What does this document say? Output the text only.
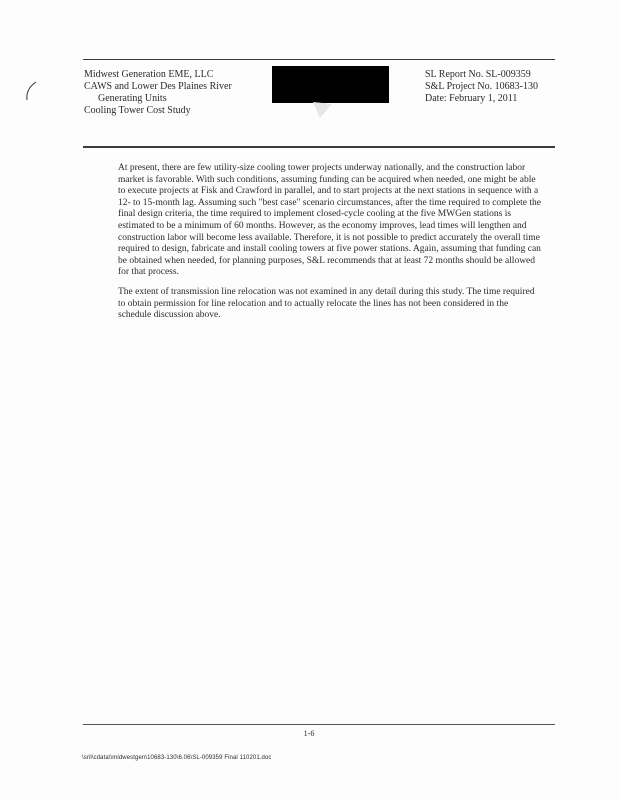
Midwest Generation EME, LLC
CAWS and Lower Des Plaines River
Generating Units
Cooling Tower Cost Study
SL Report No. SL-009359
S&L Project No. 10683-130
Date: February 1, 2011

At present, there are few utility-size cooling tower projects underway nationally, and the construction labor market is favorable. With such conditions, assuming funding can be acquired when needed, one might be able to execute projects at Fisk and Crawford in parallel, and to start projects at the next stations in sequence with a 12- to 15-month lag. Assuming such "best case" scenario circumstances, after the time required to complete the final design criteria, the time required to implement closed-cycle cooling at the five MWGen stations is estimated to be a minimum of 60 months. However, as the economy improves, lead times will lengthen and construction labor will become less available. Therefore, it is not possible to predict accurately the overall time required to design, fabricate and install cooling towers at five power stations. Again, assuming that funding can be obtained when needed, for planning purposes, S&L recommends that at least 72 months should be allowed for that process.

The extent of transmission line relocation was not examined in any detail during this study. The time required to obtain permission for line relocation and to actually relocate the lines has not been considered in the schedule discussion above.

1-6
\sril\cdata\\midwestgen\10683-130\6.06\SL-009359 Final 110201.doc
